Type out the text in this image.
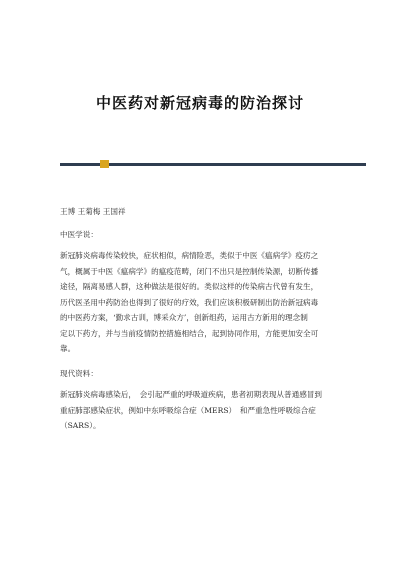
中医药对新冠病毒的防治探讨
王博 王菊梅 王国祥
中医学说：
新冠肺炎病毒传染较快，症状相似，病情险恶，类似于中医《瘟病学》疫疠之
气，概属于中医《瘟病学》的瘟疫范畴，闭门不出只是控制传染源，切断传播
途径，隔离易感人群，这种做法是很好的。类似这样的传染病古代曾有发生，
历代医圣用中药防治也得到了很好的疗效，我们应该积极研制出防治新冠病毒
的中医药方案，‘勤求古训，博采众方’，创新组药，运用古方新用的理念制
定以下药方，并与当前疫情防控措施相结合，起到协同作用，方能更加安全可
靠。
现代资料：
新冠肺炎病毒感染后，　会引起严重的呼吸道疾病，患者初期表现从普通感冒到
重症肺部感染症状，例如中东呼吸综合症（MERS）　和严重急性呼吸综合症
（SARS）。
